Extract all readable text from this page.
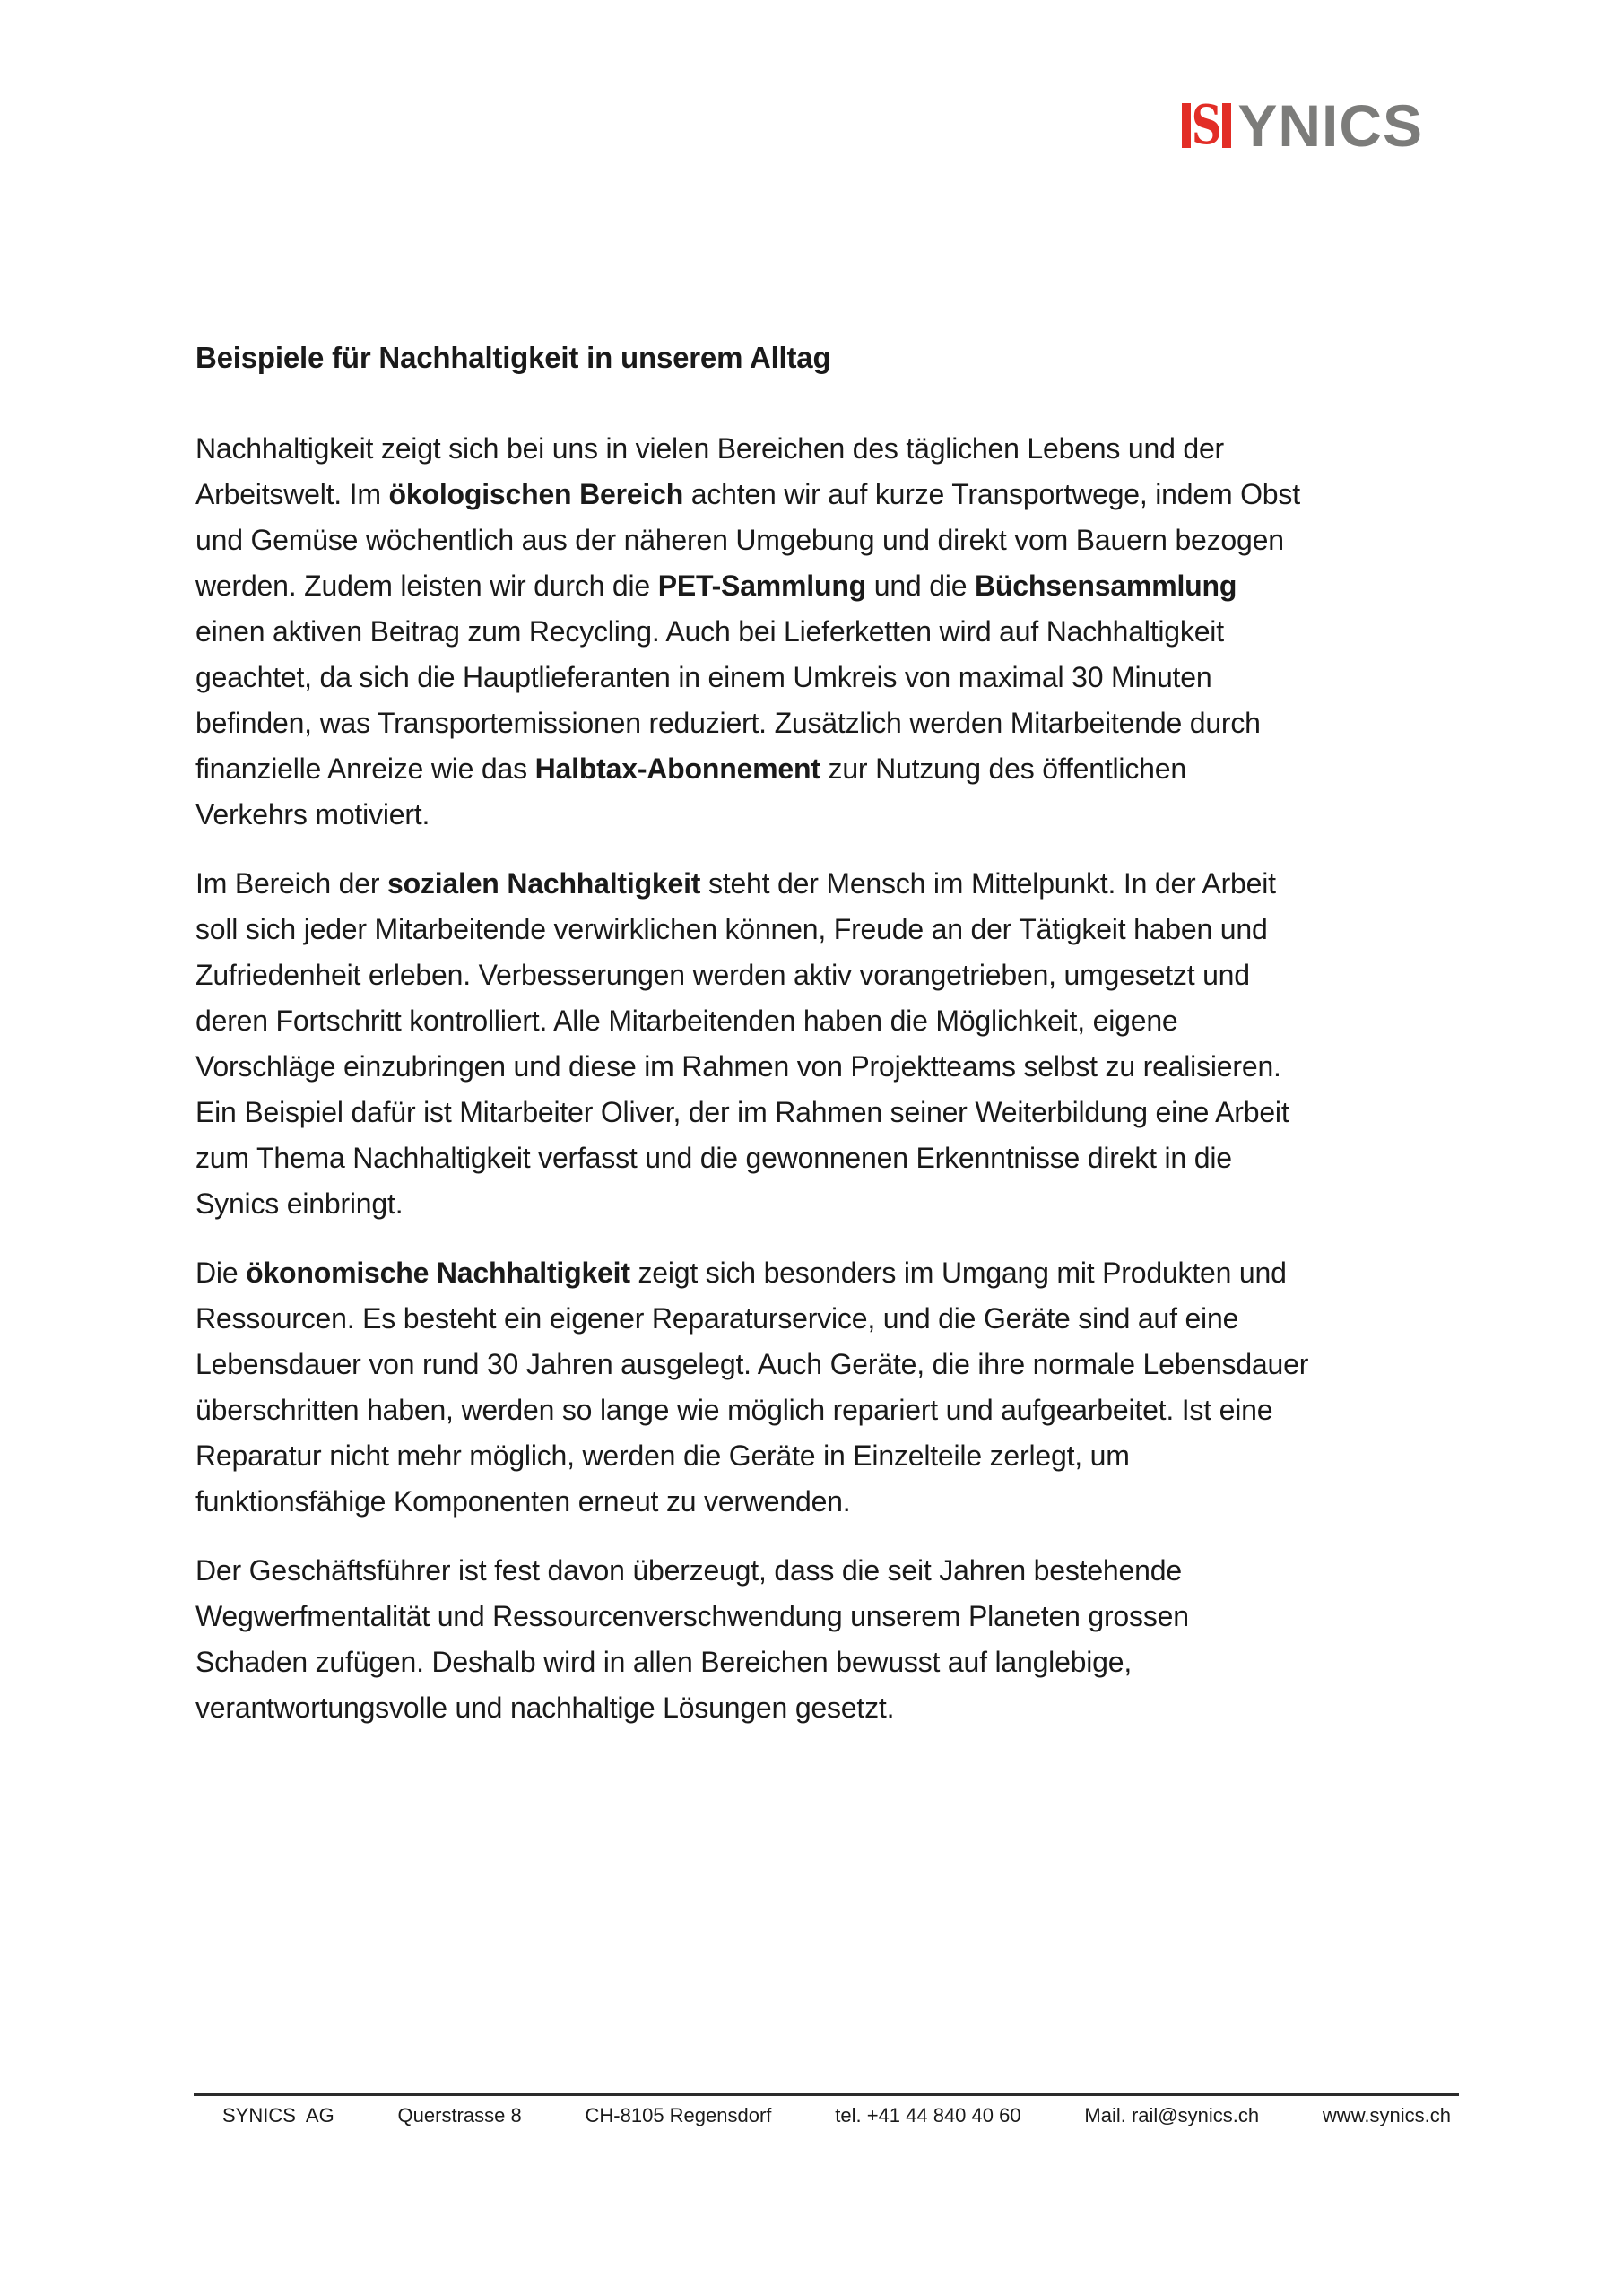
S YNICS
Beispiele für Nachhaltigkeit in unserem Alltag
Nachhaltigkeit zeigt sich bei uns in vielen Bereichen des täglichen Lebens und der
Arbeitswelt. Im ökologischen Bereich achten wir auf kurze Transportwege, indem Obst
und Gemüse wöchentlich aus der näheren Umgebung und direkt vom Bauern bezogen
werden. Zudem leisten wir durch die PET-Sammlung und die Büchsensammlung
einen aktiven Beitrag zum Recycling. Auch bei Lieferketten wird auf Nachhaltigkeit
geachtet, da sich die Hauptlieferanten in einem Umkreis von maximal 30 Minuten
befinden, was Transportemissionen reduziert. Zusätzlich werden Mitarbeitende durch
finanzielle Anreize wie das Halbtax-Abonnement zur Nutzung des öffentlichen
Verkehrs motiviert.
Im Bereich der sozialen Nachhaltigkeit steht der Mensch im Mittelpunkt. In der Arbeit
soll sich jeder Mitarbeitende verwirklichen können, Freude an der Tätigkeit haben und
Zufriedenheit erleben. Verbesserungen werden aktiv vorangetrieben, umgesetzt und
deren Fortschritt kontrolliert. Alle Mitarbeitenden haben die Möglichkeit, eigene
Vorschläge einzubringen und diese im Rahmen von Projektteams selbst zu realisieren.
Ein Beispiel dafür ist Mitarbeiter Oliver, der im Rahmen seiner Weiterbildung eine Arbeit
zum Thema Nachhaltigkeit verfasst und die gewonnenen Erkenntnisse direkt in die
Synics einbringt.
Die ökonomische Nachhaltigkeit zeigt sich besonders im Umgang mit Produkten und
Ressourcen. Es besteht ein eigener Reparaturservice, und die Geräte sind auf eine
Lebensdauer von rund 30 Jahren ausgelegt. Auch Geräte, die ihre normale Lebensdauer
überschritten haben, werden so lange wie möglich repariert und aufgearbeitet. Ist eine
Reparatur nicht mehr möglich, werden die Geräte in Einzelteile zerlegt, um
funktionsfähige Komponenten erneut zu verwenden.
Der Geschäftsführer ist fest davon überzeugt, dass die seit Jahren bestehende
Wegwerfmentalität und Ressourcenverschwendung unserem Planeten grossen
Schaden zufügen. Deshalb wird in allen Bereichen bewusst auf langlebige,
verantwortungsvolle und nachhaltige Lösungen gesetzt.
SYNICS  AG	Querstrasse 8	CH-8105 Regensdorf	tel. +41 44 840 40 60	Mail. rail@synics.ch	www.synics.ch
